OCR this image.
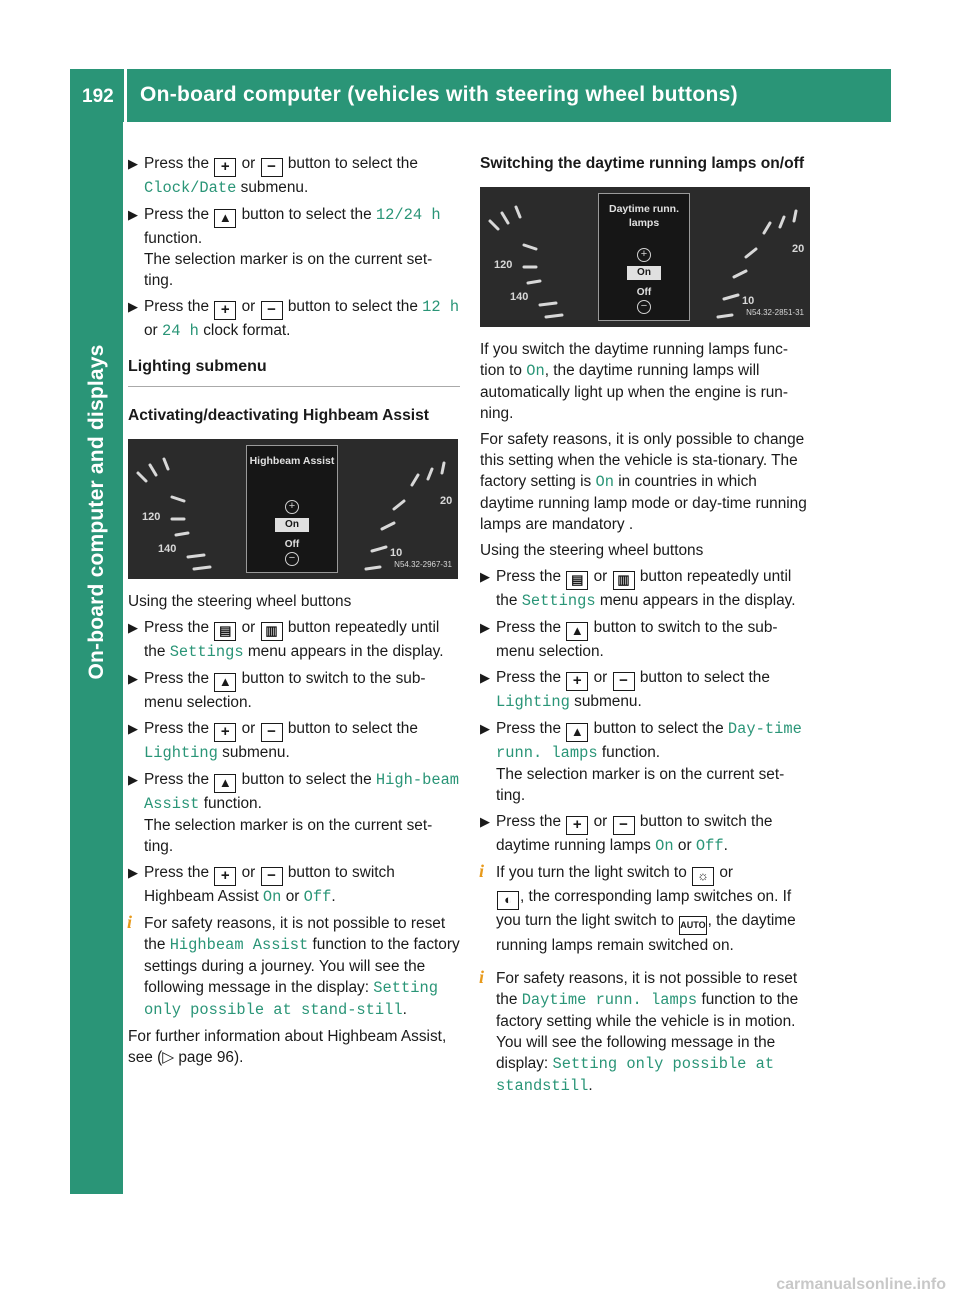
192 On-board computer (vehicles with steering wheel buttons)
On-board computer and displays
▶ Press the + or − button to select the Clock/Date submenu.
▶ Press the ▲ button to select the 12/24 h function.
The selection marker is on the current set-ting.
▶ Press the + or − button to select the 12 h or 24 h clock format.
Lighting submenu
Activating/deactivating Highbeam Assist
120
140
20
10
Highbeam Assist
+
On
Off
−
N54.32-2967-31

Using the steering wheel buttons

▶ Press the ▤ or ▥ button repeatedly until the Settings menu appears in the display.
▶ Press the ▲ button to switch to the sub-menu selection.
▶ Press the + or − button to select the Lighting submenu.
▶ Press the ▲ button to select the High‐beam Assist function.
The selection marker is on the current set-ting.
▶ Press the + or − button to switch Highbeam Assist On or Off.
i For safety reasons, it is not possible to reset the Highbeam Assist function to the factory settings during a journey. You will see the following message in the display: Setting only possible at stand‐still.

For further information about Highbeam Assist, see (▷ page 96).

Switching the daytime running lamps on/off
120
140
20
10
Daytime runn. lamps
+
On
Off
−
N54.32-2851-31

If you switch the daytime running lamps func-tion to On, the daytime running lamps will automatically light up when the engine is run-ning.

For safety reasons, it is only possible to change this setting when the vehicle is sta-tionary. The factory setting is On in countries in which daytime running lamp mode or day-time running lamps are mandatory .

Using the steering wheel buttons

▶ Press the ▤ or ▥ button repeatedly until the Settings menu appears in the display.
▶ Press the ▲ button to switch to the sub-menu selection.
▶ Press the + or − button to select the Lighting submenu.
▶ Press the ▲ button to select the Day‐time runn. lamps function.
The selection marker is on the current set-ting.
▶ Press the + or − button to switch the daytime running lamps On or Off.
i If you turn the light switch to ☼ or
◐ , the corresponding lamp switches on. If you turn the light switch to AUTO , the daytime running lamps remain switched on.
i For safety reasons, it is not possible to reset the Daytime runn. lamps function to the factory setting while the vehicle is in motion. You will see the following message in the display: Setting only possible at standstill.
carmanualsonline.info
